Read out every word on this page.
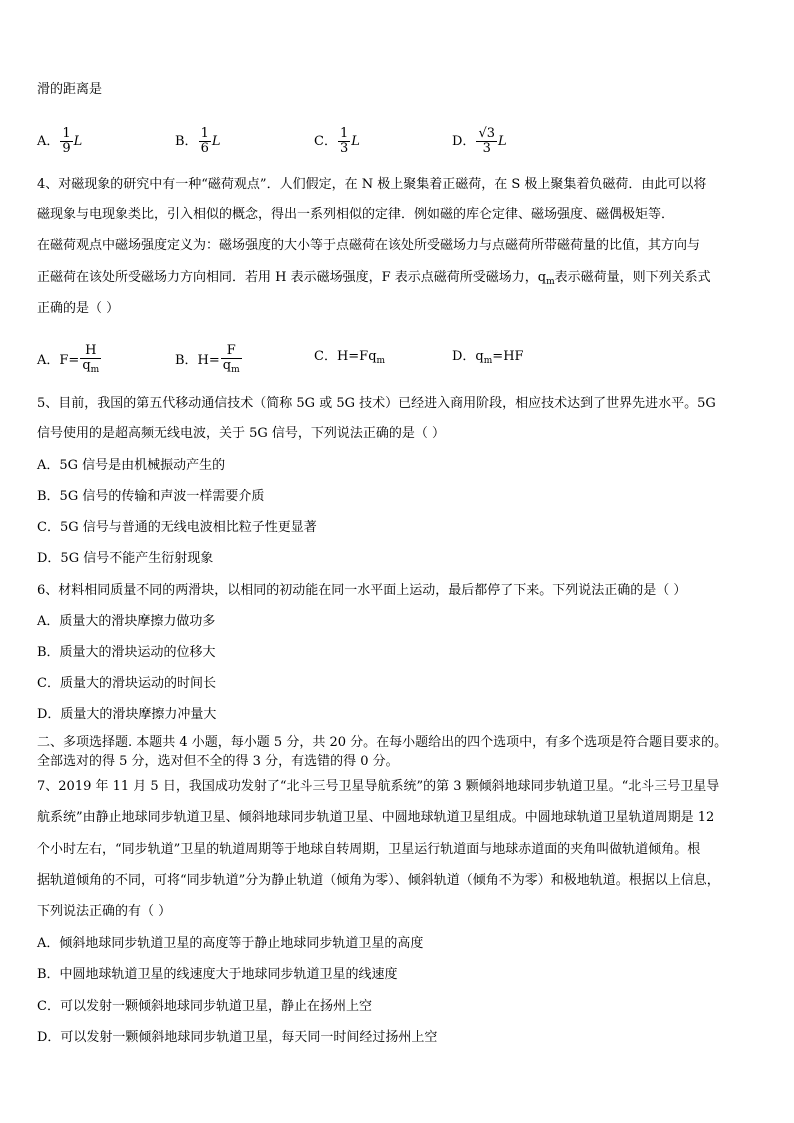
滑的距离是
A． $\frac{1}{9}$ L	B． $\frac{1}{6}$ L	C． $\frac{1}{3}$ L	D． $\frac{√3}{3}$ L
4、对磁现象的研究中有一种“磁荷观点”．人们假定，在 N 极上聚集着正磁荷，在 S 极上聚集着负磁荷．由此可以将
磁现象与电现象类比，引入相似的概念，得出一系列相似的定律．例如磁的库仑定律、磁场强度、磁偶极矩等．
在磁荷观点中磁场强度定义为：磁场强度的大小等于点磁荷在该处所受磁场力与点磁荷所带磁荷量的比值，其方向与
正磁荷在该处所受磁场力方向相同．若用 H 表示磁场强度，F 表示点磁荷所受磁场力，$q_m$表示磁荷量，则下列关系式
正确的是（ ）
A．$F= \frac{H}{q_m}$	B．$H= \frac{F}{q_m}$	C．$H=Fq_m$	D．$q_m=HF$
5、目前，我国的第五代移动通信技术（简称 5G 或 5G 技术）已经进入商用阶段，相应技术达到了世界先进水平。5G
信号使用的是超高频无线电波，关于 5G 信号，下列说法正确的是（ ）
A．5G 信号是由机械振动产生的
B．5G 信号的传输和声波一样需要介质
C．5G 信号与普通的无线电波相比粒子性更显著
D．5G 信号不能产生衍射现象
6、材料相同质量不同的两滑块，以相同的初动能在同一水平面上运动，最后都停了下来。下列说法正确的是（ ）
A．质量大的滑块摩擦力做功多
B．质量大的滑块运动的位移大
C．质量大的滑块运动的时间长
D．质量大的滑块摩擦力冲量大
二、多项选择题. 本题共 4 小题，每小题 5 分，共 20 分。在每小题给出的四个选项中，有多个选项是符合题目要求的。
全部选对的得 5 分，选对但不全的得 3 分，有选错的得 0 分。
7、2019 年 11 月 5 日，我国成功发射了“北斗三号卫星导航系统”的第 3 颗倾斜地球同步轨道卫星。“北斗三号卫星导
航系统”由静止地球同步轨道卫星、倾斜地球同步轨道卫星、中圆地球轨道卫星组成。中圆地球轨道卫星轨道周期是 12
个小时左右，“同步轨道”卫星的轨道周期等于地球自转周期，卫星运行轨道面与地球赤道面的夹角叫做轨道倾角。根
据轨道倾角的不同，可将“同步轨道”分为静止轨道（倾角为零）、倾斜轨道（倾角不为零）和极地轨道。根据以上信息，
下列说法正确的有（ ）
A．倾斜地球同步轨道卫星的高度等于静止地球同步轨道卫星的高度
B．中圆地球轨道卫星的线速度大于地球同步轨道卫星的线速度
C．可以发射一颗倾斜地球同步轨道卫星，静止在扬州上空
D．可以发射一颗倾斜地球同步轨道卫星，每天同一时间经过扬州上空
